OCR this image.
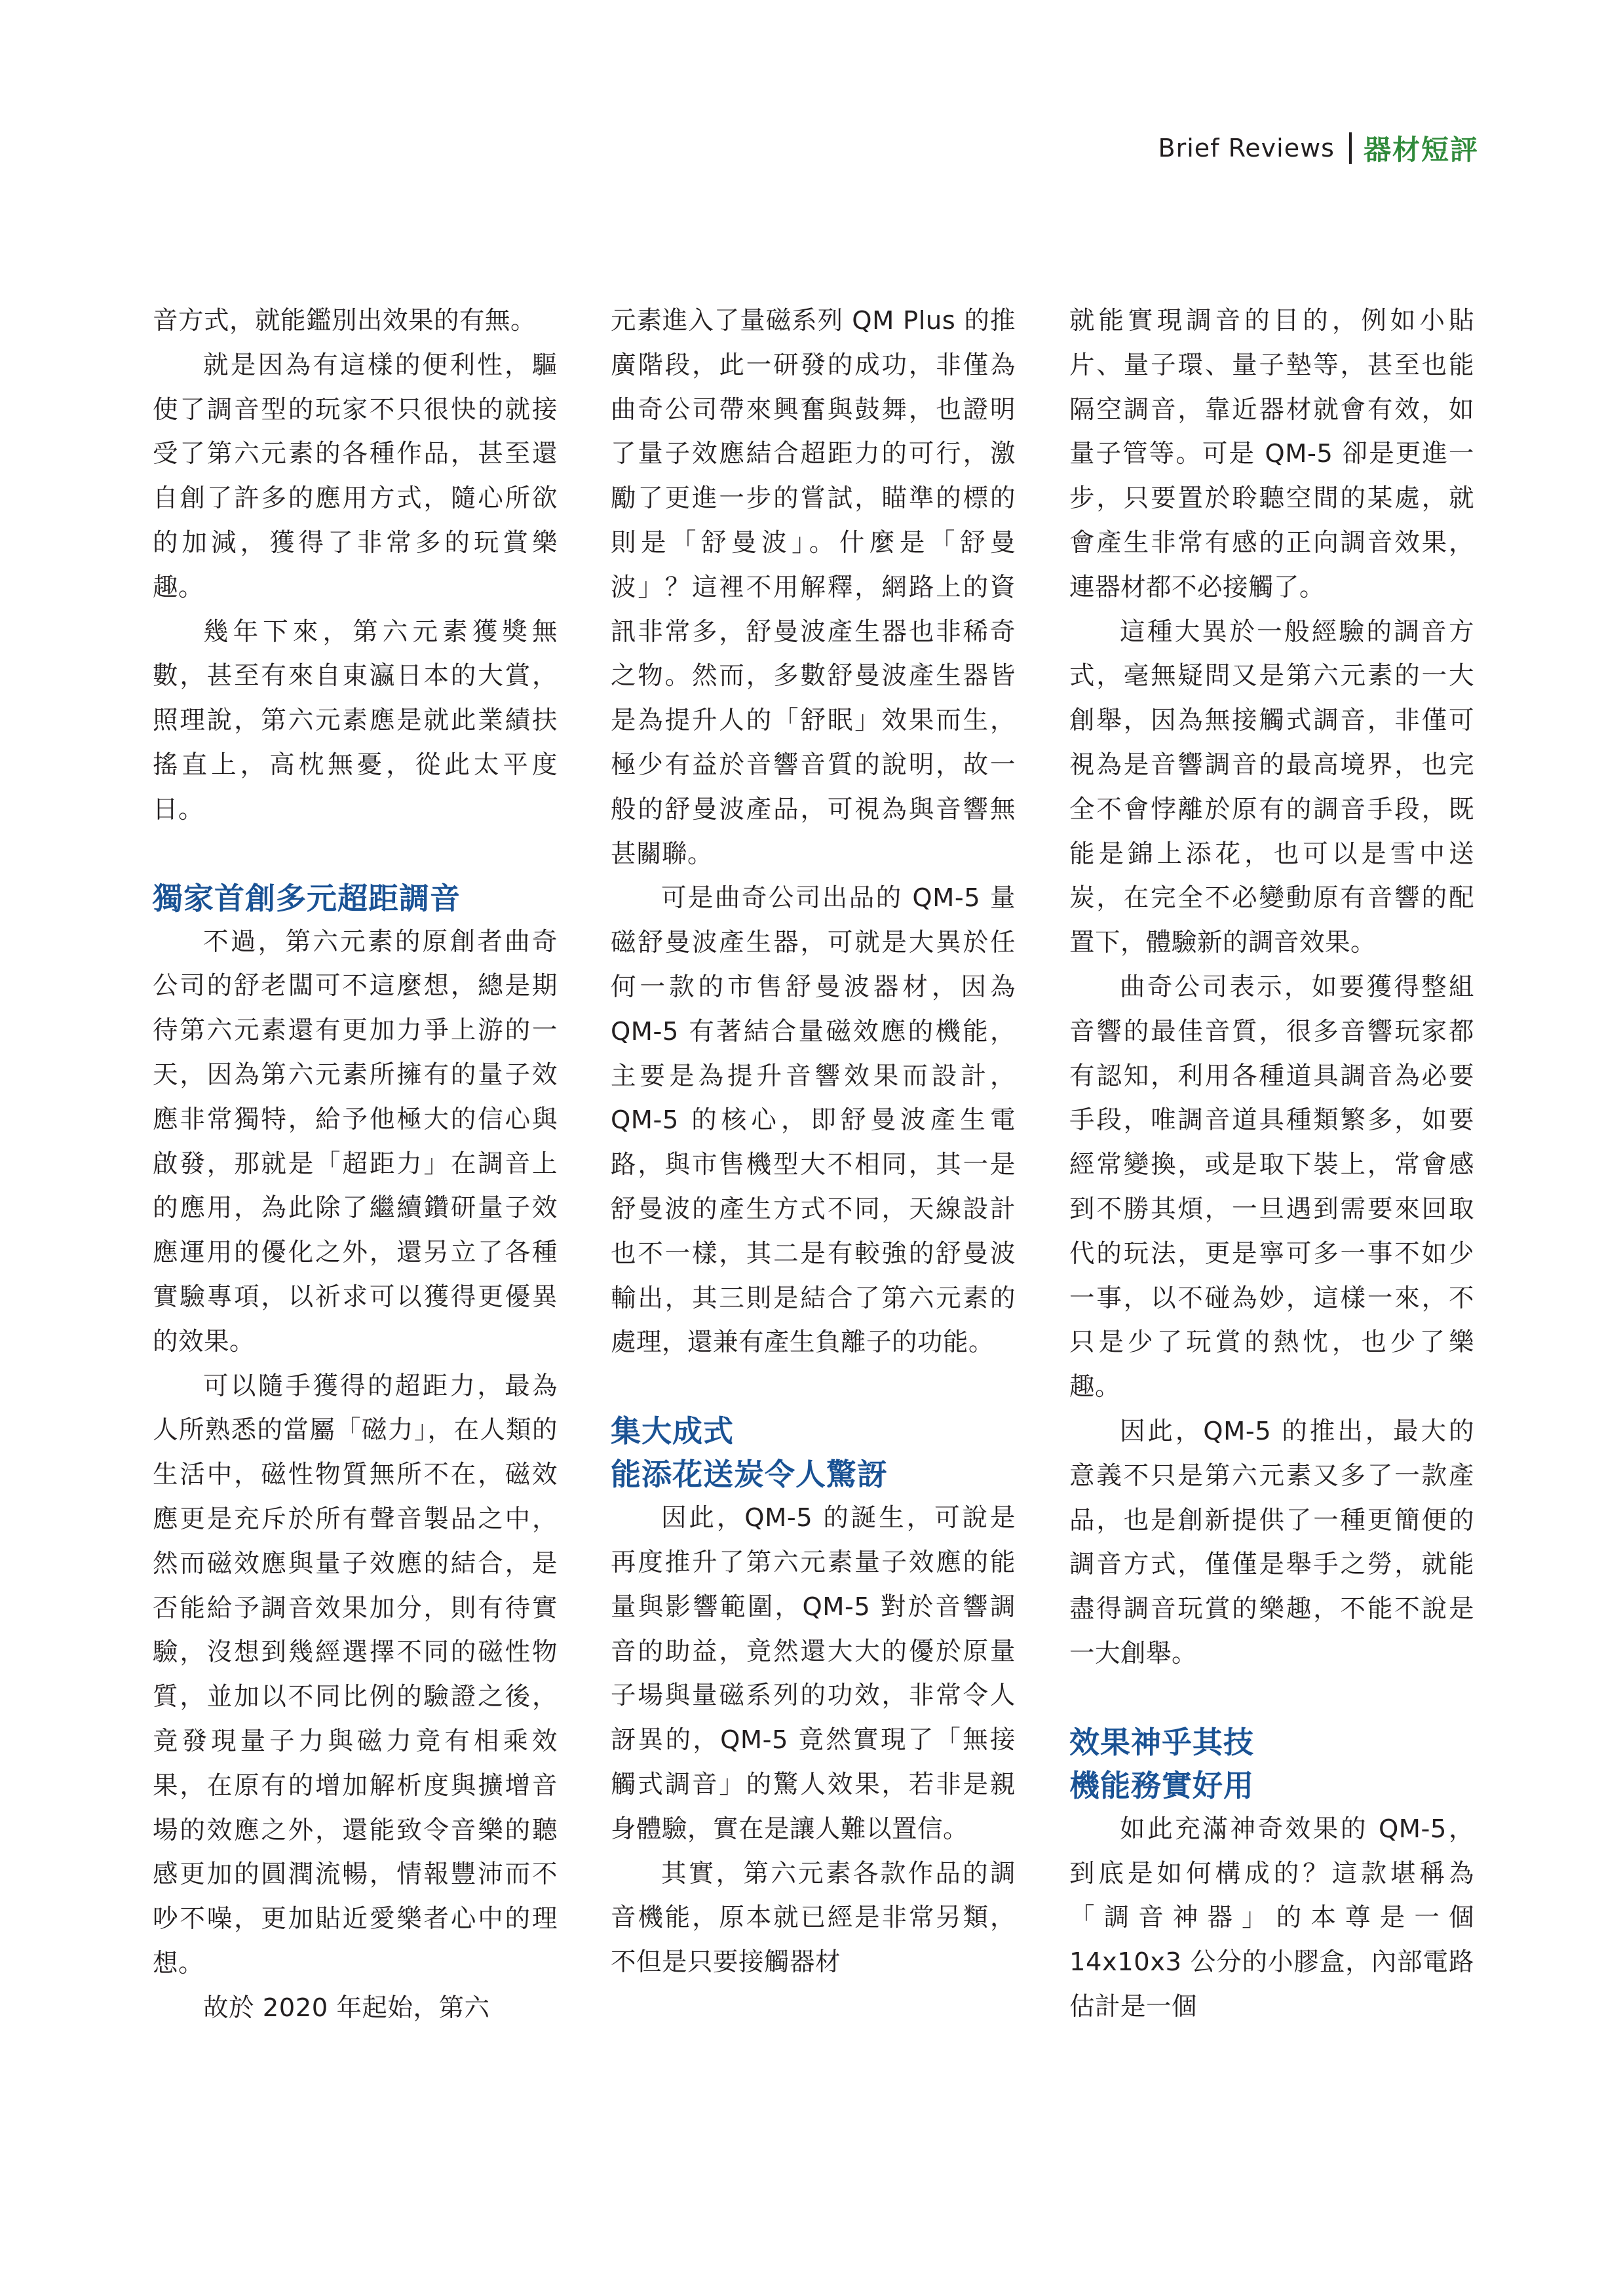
Brief Reviews 器材短評

音方式，就能鑑別出效果的有無。

就是因為有這樣的便利性，驅使了調音型的玩家不只很快的就接受了第六元素的各種作品，甚至還自創了許多的應用方式，隨心所欲的加減，獲得了非常多的玩賞樂趣。

幾年下來，第六元素獲獎無數，甚至有來自東瀛日本的大賞，照理說，第六元素應是就此業績扶搖直上，高枕無憂，從此太平度日。

獨家首創多元超距調音

不過，第六元素的原創者曲奇公司的舒老闆可不這麼想，總是期待第六元素還有更加力爭上游的一天，因為第六元素所擁有的量子效應非常獨特，給予他極大的信心與啟發，那就是「超距力」在調音上的應用，為此除了繼續鑽研量子效應運用的優化之外，還另立了各種實驗專項，以祈求可以獲得更優異的效果。

可以隨手獲得的超距力，最為人所熟悉的當屬「磁力」，在人類的生活中，磁性物質無所不在，磁效應更是充斥於所有聲音製品之中，然而磁效應與量子效應的結合，是否能給予調音效果加分，則有待實驗，沒想到幾經選擇不同的磁性物質，並加以不同比例的驗證之後，竟發現量子力與磁力竟有相乘效果，在原有的增加解析度與擴增音場的效應之外，還能致令音樂的聽感更加的圓潤流暢，情報豐沛而不吵不噪，更加貼近愛樂者心中的理想。

故於 2020 年起始，第六

元素進入了量磁系列 QM Plus 的推廣階段，此一研發的成功，非僅為曲奇公司帶來興奮與鼓舞，也證明了量子效應結合超距力的可行，激勵了更進一步的嘗試，瞄準的標的則是「舒曼波」。什麼是「舒曼波」？這裡不用解釋，網路上的資訊非常多，舒曼波產生器也非稀奇之物。然而，多數舒曼波產生器皆是為提升人的「舒眠」效果而生，極少有益於音響音質的說明，故一般的舒曼波產品，可視為與音響無甚關聯。

可是曲奇公司出品的 QM-5 量磁舒曼波產生器，可就是大異於任何一款的市售舒曼波器材，因為 QM-5 有著結合量磁效應的機能，主要是為提升音響效果而設計，QM-5 的核心，即舒曼波產生電路，與市售機型大不相同，其一是舒曼波的產生方式不同，天線設計也不一樣，其二是有較強的舒曼波輸出，其三則是結合了第六元素的處理，還兼有產生負離子的功能。

集大成式
能添花送炭令人驚訝

因此，QM-5 的誕生，可說是再度推升了第六元素量子效應的能量與影響範圍，QM-5 對於音響調音的助益，竟然還大大的優於原量子場與量磁系列的功效，非常令人訝異的，QM-5 竟然實現了「無接觸式調音」的驚人效果，若非是親身體驗，實在是讓人難以置信。

其實，第六元素各款作品的調音機能，原本就已經是非常另類，不但是只要接觸器材

就能實現調音的目的，例如小貼片、量子環、量子墊等，甚至也能隔空調音，靠近器材就會有效，如量子管等。可是 QM-5 卻是更進一步，只要置於聆聽空間的某處，就會產生非常有感的正向調音效果，連器材都不必接觸了。

這種大異於一般經驗的調音方式，毫無疑問又是第六元素的一大創舉，因為無接觸式調音，非僅可視為是音響調音的最高境界，也完全不會悖離於原有的調音手段，既能是錦上添花，也可以是雪中送炭，在完全不必變動原有音響的配置下，體驗新的調音效果。

曲奇公司表示，如要獲得整組音響的最佳音質，很多音響玩家都有認知，利用各種道具調音為必要手段，唯調音道具種類繁多，如要經常變換，或是取下裝上，常會感到不勝其煩，一旦遇到需要來回取代的玩法，更是寧可多一事不如少一事，以不碰為妙，這樣一來，不只是少了玩賞的熱忱，也少了樂趣。

因此，QM-5 的推出，最大的意義不只是第六元素又多了一款產品，也是創新提供了一種更簡便的調音方式，僅僅是舉手之勞，就能盡得調音玩賞的樂趣，不能不說是一大創舉。

效果神乎其技
機能務實好用

如此充滿神奇效果的 QM-5，到底是如何構成的？這款堪稱為「調音神器」的本尊是一個 14x10x3 公分的小膠盒，內部電路估計是一個
